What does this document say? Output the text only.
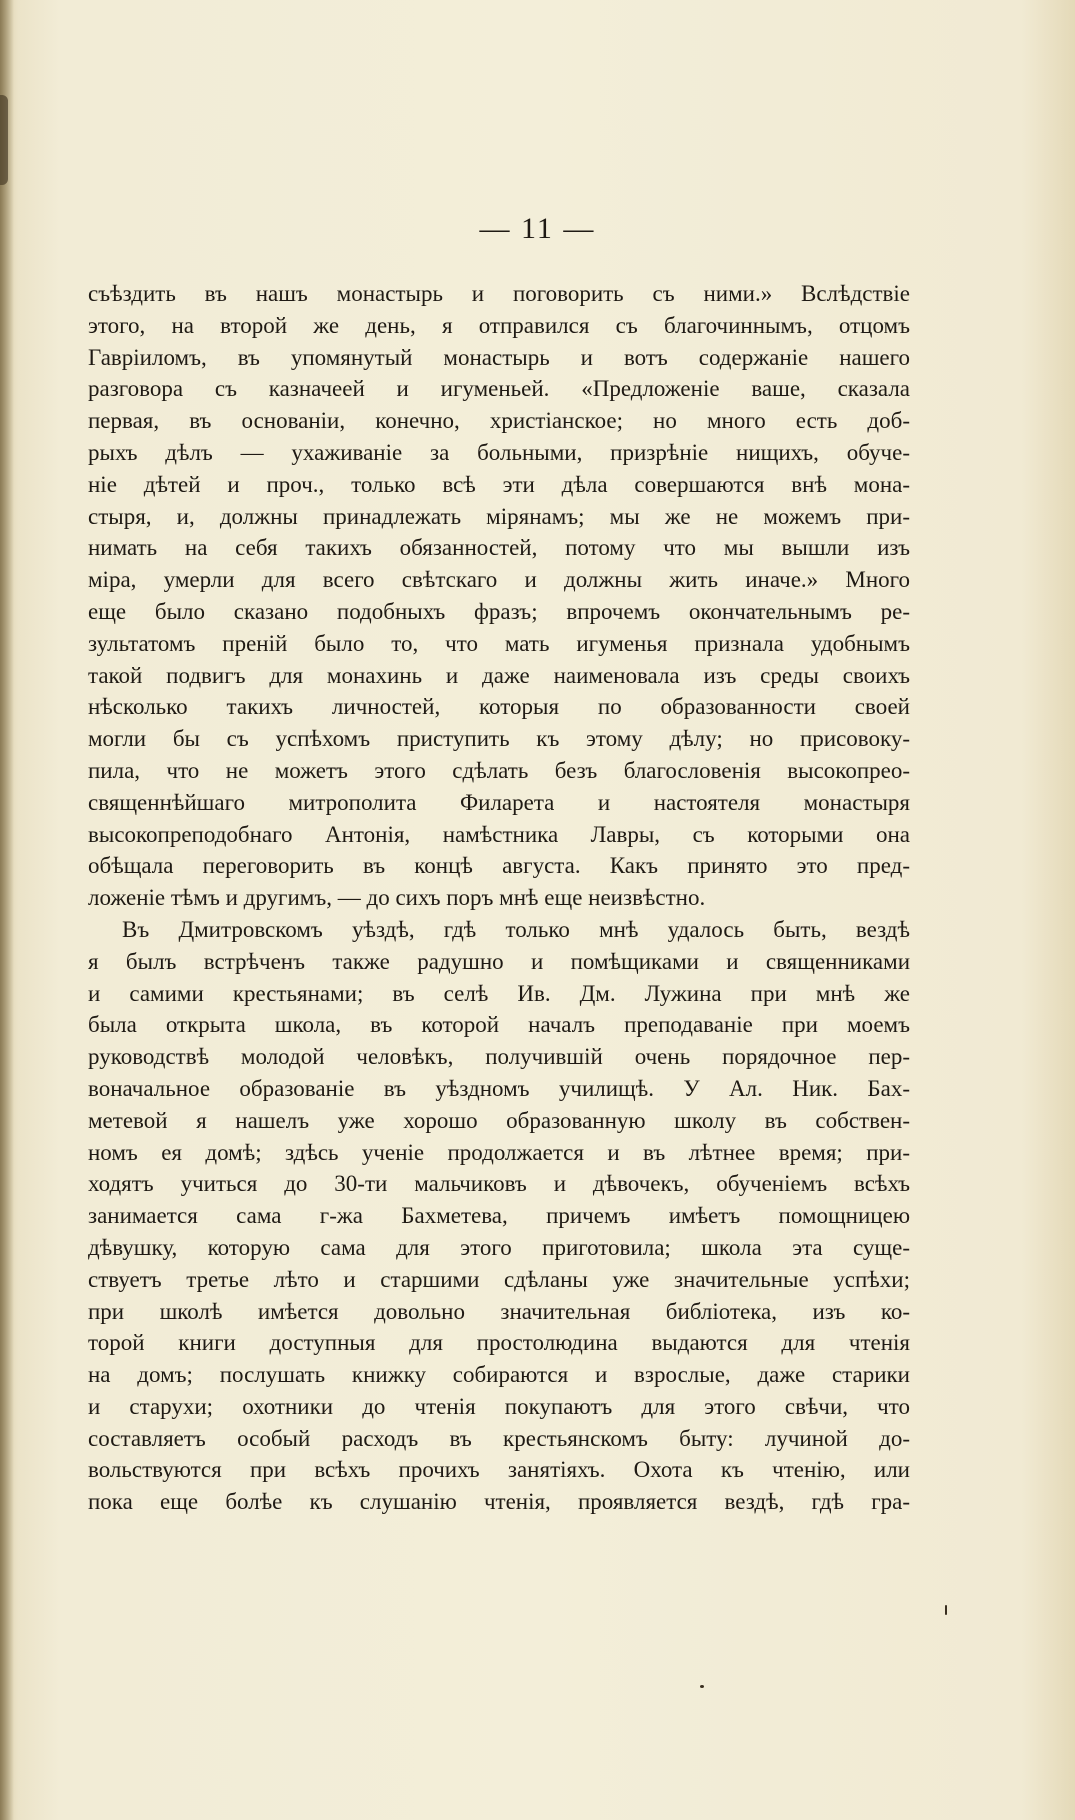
— 11 —
съѣздить въ нашъ монастырь и поговорить съ ними.» Вслѣдствіе
этого, на второй же день, я отправился съ благочиннымъ, отцомъ
Гавріиломъ, въ упомянутый монастырь и вотъ содержаніе нашего
разговора съ казначеей и игуменьей. «Предложеніе ваше, сказала
первая, въ основаніи, конечно, христіанское; но много есть доб-
рыхъ дѣлъ — ухаживаніе за больными, призрѣніе нищихъ, обуче-
ніе дѣтей и проч., только всѣ эти дѣла совершаются внѣ мона-
стыря, и, должны принадлежать мірянамъ; мы же не можемъ при-
нимать на себя такихъ обязанностей, потому что мы вышли изъ
міра, умерли для всего свѣтскаго и должны жить иначе.» Много
еще было сказано подобныхъ фразъ; впрочемъ окончательнымъ ре-
зультатомъ преній было то, что мать игуменья признала удобнымъ
такой подвигъ для монахинь и даже наименовала изъ среды своихъ
нѣсколько такихъ личностей, которыя по образованности своей
могли бы съ успѣхомъ приступить къ этому дѣлу; но присовоку-
пила, что не можетъ этого сдѣлать безъ благословенія высокопрео-
священнѣйшаго митрополита Филарета и настоятеля монастыря
высокопреподобнаго Антонія, намѣстника Лавры, съ которыми она
обѣщала переговорить въ концѣ августа. Какъ принято это пред-
ложеніе тѣмъ и другимъ, — до сихъ поръ мнѣ еще неизвѣстно.
Въ Дмитровскомъ уѣздѣ, гдѣ только мнѣ удалось быть, вездѣ
я былъ встрѣченъ также радушно и помѣщиками и священниками
и самими крестьянами; въ селѣ Ив. Дм. Лужина при мнѣ же
была открыта школа, въ которой началъ преподаваніе при моемъ
руководствѣ молодой человѣкъ, получившій очень порядочное пер-
воначальное образованіе въ уѣздномъ училищѣ. У Ал. Ник. Бах-
метевой я нашелъ уже хорошо образованную школу въ собствен-
номъ ея домѣ; здѣсь ученіе продолжается и въ лѣтнее время; при-
ходятъ учиться до 30-ти мальчиковъ и дѣвочекъ, обученіемъ всѣхъ
занимается сама г-жа Бахметева, причемъ имѣетъ помощницею
дѣвушку, которую сама для этого приготовила; школа эта суще-
ствуетъ третье лѣто и старшими сдѣланы уже значительные успѣхи;
при школѣ имѣется довольно значительная библіотека, изъ ко-
торой книги доступныя для простолюдина выдаются для чтенія
на домъ; послушать книжку собираются и взрослые, даже старики
и старухи; охотники до чтенія покупаютъ для этого свѣчи, что
составляетъ особый расходъ въ крестьянскомъ быту: лучиной до-
вольствуются при всѣхъ прочихъ занятіяхъ. Охота къ чтенію, или
пока еще болѣе къ слушанію чтенія, проявляется вездѣ, гдѣ гра-
